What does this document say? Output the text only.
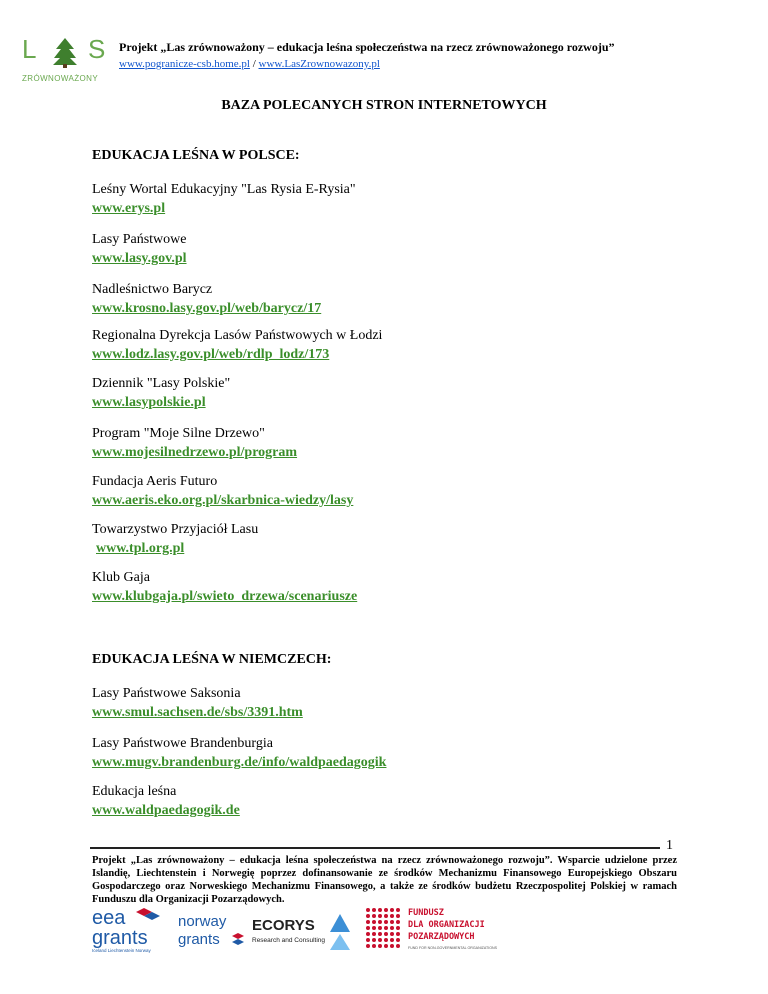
L S
ZRÓWNOWAŻONY
Projekt „Las zrównoważony – edukacja leśna społeczeństwa na rzecz zrównoważonego rozwoju”
www.pogranicze-csb.home.pl / www.LasZrownowazony.pl
BAZA POLECANYCH STRON INTERNETOWYCH
EDUKACJA LEŚNA W POLSCE:
Leśny Wortal Edukacyjny "Las Rysia E-Rysia"
www.erys.pl
Lasy Państwowe
www.lasy.gov.pl
Nadleśnictwo Barycz
www.krosno.lasy.gov.pl/web/barycz/17
Regionalna Dyrekcja Lasów Państwowych w Łodzi
www.lodz.lasy.gov.pl/web/rdlp_lodz/173
Dziennik "Lasy Polskie"
www.lasypolskie.pl
Program "Moje Silne Drzewo"
www.mojesilnedrzewo.pl/program
Fundacja Aeris Futuro
www.aeris.eko.org.pl/skarbnica-wiedzy/lasy
Towarzystwo Przyjaciół Lasu
www.tpl.org.pl
Klub Gaja
www.klubgaja.pl/swieto_drzewa/scenariusze
EDUKACJA LEŚNA W NIEMCZECH:
Lasy Państwowe Saksonia
www.smul.sachsen.de/sbs/3391.htm
Lasy Państwowe Brandenburgia
www.mugv.brandenburg.de/info/waldpaedagogik
Edukacja leśna
www.waldpaedagogik.de
1
Projekt „Las zrównoważony – edukacja leśna społeczeństwa na rzecz zrównoważonego rozwoju”. Wsparcie udzielone przez Islandię, Liechtenstein i Norwegię poprzez dofinansowanie ze środków Mechanizmu Finansowego Europejskiego Obszaru Gospodarczego oraz Norweskiego Mechanizmu Finansowego, a także ze środków budżetu Rzeczpospolitej Polskiej w ramach Funduszu dla Organizacji Pozarządowych.
eea
grants
Iceland Liechtenstein Norway
norway
grants
ECORYS
Research and Consulting
FUNDUSZ
DLA ORGANIZACJI
POZARZĄDOWYCH
FUND FOR NON-GOVERNMENTAL ORGANIZATIONS
